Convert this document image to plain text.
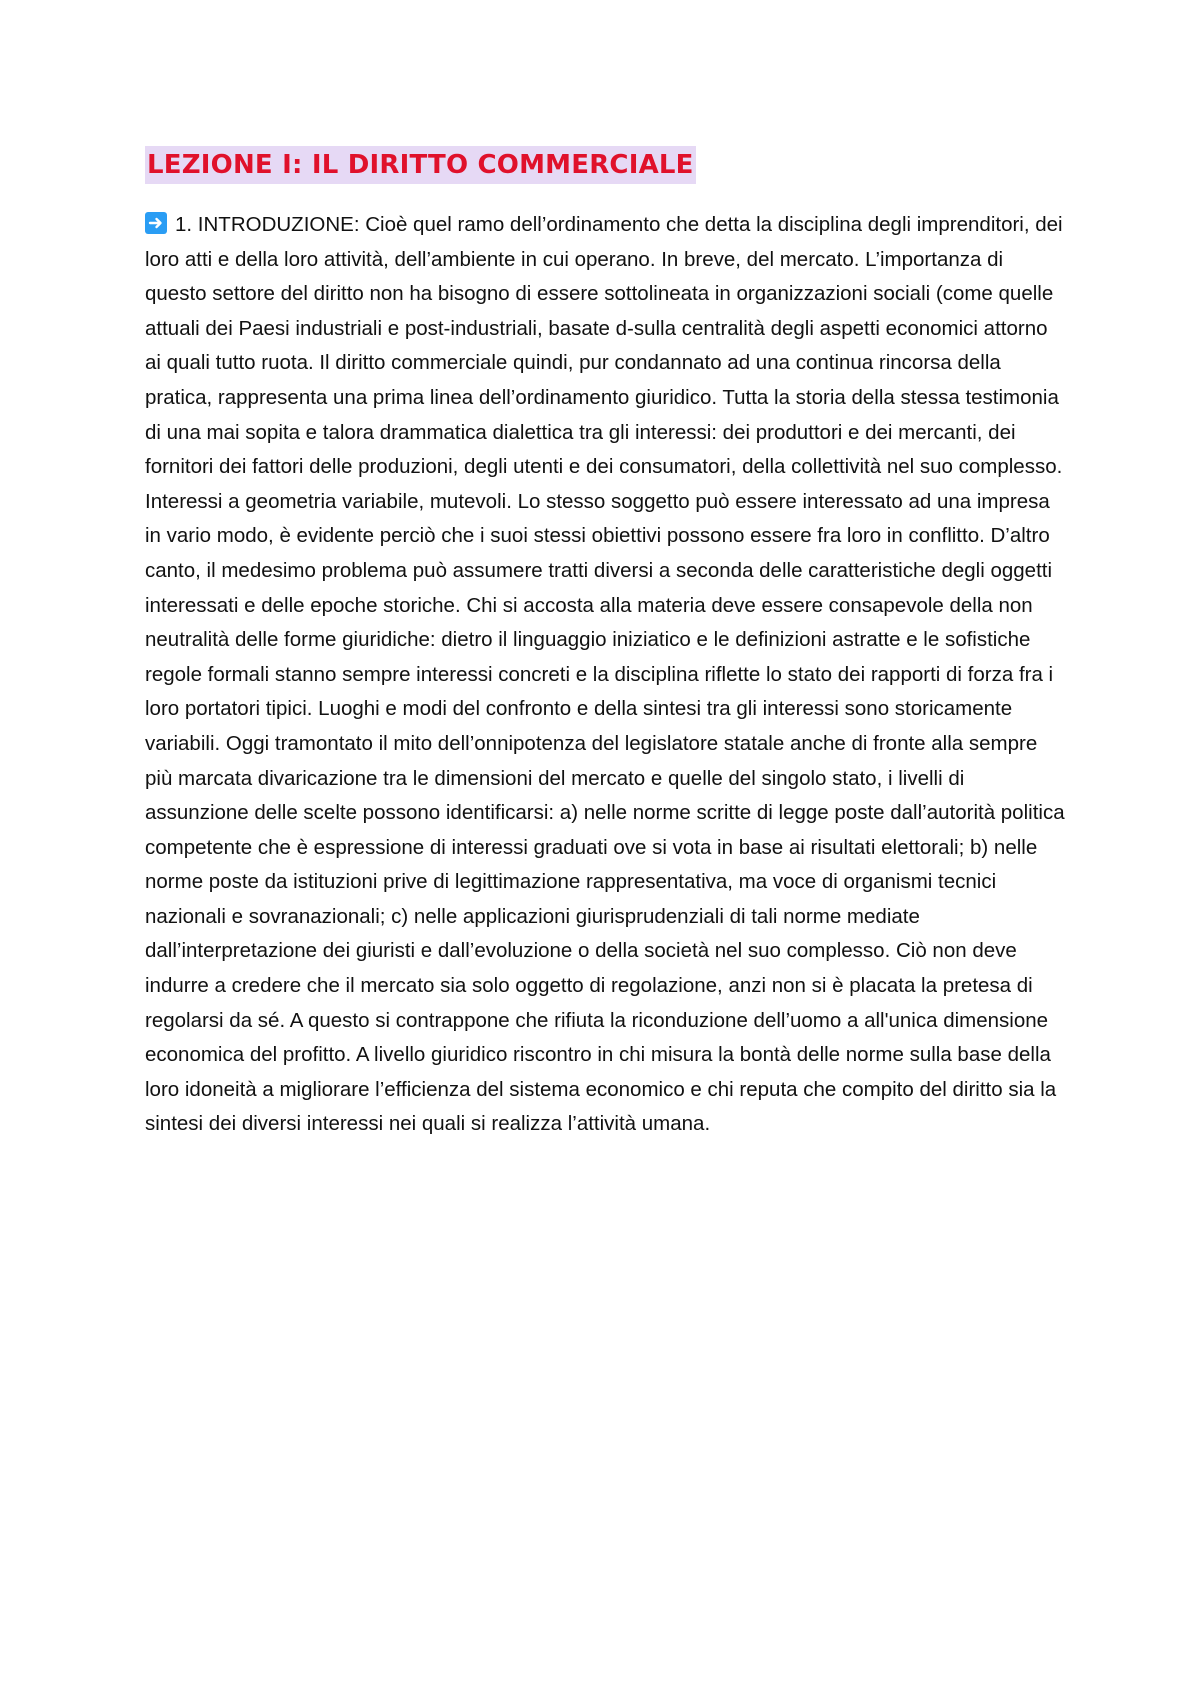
LEZIONE I: IL DIRITTO COMMERCIALE
1. INTRODUZIONE: Cioè quel ramo dell’ordinamento che detta la disciplina degli imprenditori, dei loro atti e della loro attività, dell’ambiente in cui operano. In breve, del mercato. L’importanza di questo settore del diritto non ha bisogno di essere sottolineata in organizzazioni sociali (come quelle attuali dei Paesi industriali e post-industriali, basate d-sulla centralità degli aspetti economici attorno ai quali tutto ruota. Il diritto commerciale quindi, pur condannato ad una continua rincorsa della pratica, rappresenta una prima linea dell’ordinamento giuridico. Tutta la storia della stessa testimonia di una mai sopita e talora drammatica dialettica tra gli interessi: dei produttori e dei mercanti, dei fornitori dei fattori delle produzioni, degli utenti e dei consumatori, della collettività nel suo complesso. Interessi a geometria variabile, mutevoli. Lo stesso soggetto può essere interessato ad una impresa in vario modo, è evidente perciò che i suoi stessi obiettivi possono essere fra loro in conflitto. D’altro canto, il medesimo problema può assumere tratti diversi a seconda delle caratteristiche degli oggetti interessati e delle epoche storiche. Chi si accosta alla materia deve essere consapevole della non neutralità delle forme giuridiche: dietro il linguaggio iniziatico e le definizioni astratte e le sofistiche regole formali stanno sempre interessi concreti e la disciplina riflette lo stato dei rapporti di forza fra i loro portatori tipici. Luoghi e modi del confronto e della sintesi tra gli interessi sono storicamente variabili. Oggi tramontato il mito dell’onnipotenza del legislatore statale anche di fronte alla sempre più marcata divaricazione tra le dimensioni del mercato e quelle del singolo stato, i livelli di assunzione delle scelte possono identificarsi: a) nelle norme scritte di legge poste dall’autorità politica competente che è espressione di interessi graduati ove si vota in base ai risultati elettorali; b) nelle norme poste da istituzioni prive di legittimazione rappresentativa, ma voce di organismi tecnici nazionali e sovranazionali; c) nelle applicazioni giurisprudenziali di tali norme mediate dall’interpretazione dei giuristi e dall’evoluzione o della società nel suo complesso. Ciò non deve indurre a credere che il mercato sia solo oggetto di regolazione, anzi non si è placata la pretesa di regolarsi da sé. A questo si contrappone che rifiuta la riconduzione dell’uomo a all'unica dimensione economica del profitto. A livello giuridico riscontro in chi misura la bontà delle norme sulla base della loro idoneità a migliorare l’efficienza del sistema economico e chi reputa che compito del diritto sia la sintesi dei diversi interessi nei quali si realizza l’attività umana.
